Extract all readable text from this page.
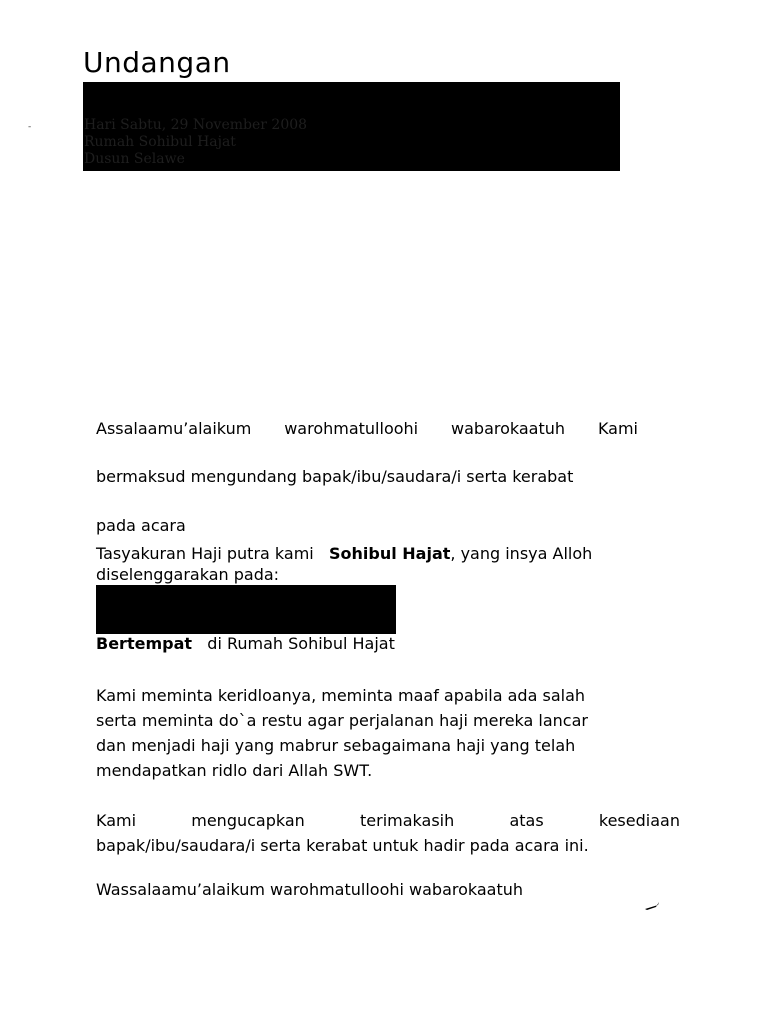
Undangan
Hari Sabtu, 29 November 2008
Rumah Sohibul Hajat
Dusun Selawe
-
Assalaamu’alaikum warohmatulloohi wabarokaatuh Kami
bermaksud mengundang bapak/ibu/saudara/i serta kerabat
pada acara
Tasyakuran Haji putra kami Sohibul Hajat, yang insya Alloh
diselenggarakan pada:
Bertempat di Rumah Sohibul Hajat
Kami meminta keridloanya, meminta maaf apabila ada salah
serta meminta do`a restu agar perjalanan haji mereka lancar
dan menjadi haji yang mabrur sebagaimana haji yang telah
mendapatkan ridlo dari Allah SWT.
Kami	mengucapkan	terimakasih	atas	kesediaan
bapak/ibu/saudara/i serta kerabat untuk hadir pada acara ini.
Wassalaamu’alaikum warohmatulloohi wabarokaatuh
